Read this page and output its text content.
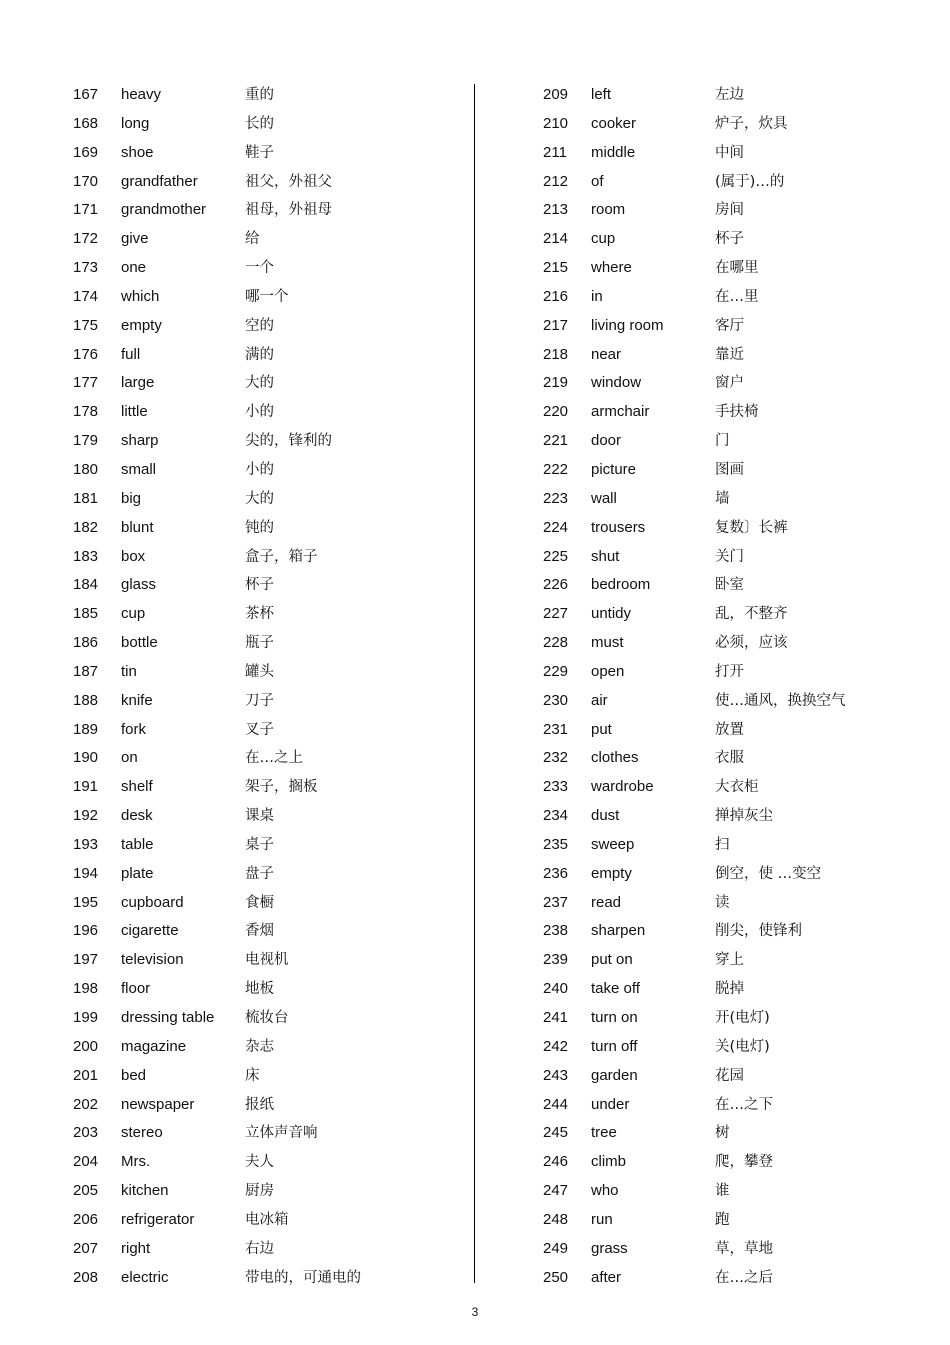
167	heavy	重的
168	long	长的
169	shoe	鞋子
170	grandfather	祖父，外祖父
171	grandmother	祖母，外祖母
172	give	给
173	one	一个
174	which	哪一个
175	empty	空的
176	full	满的
177	large	大的
178	little	小的
179	sharp	尖的，锋利的
180	small	小的
181	big	大的
182	blunt	钝的
183	box	盒子，箱子
184	glass	杯子
185	cup	茶杯
186	bottle	瓶子
187	tin	罐头
188	knife	刀子
189	fork	叉子
190	on	在…之上
191	shelf	架子，搁板
192	desk	课桌
193	table	桌子
194	plate	盘子
195	cupboard	食橱
196	cigarette	香烟
197	television	电视机
198	floor	地板
199	dressing table	梳妆台
200	magazine	杂志
201	bed	床
202	newspaper	报纸
203	stereo	立体声音响
204	Mrs.	夫人
205	kitchen	厨房
206	refrigerator	电冰箱
207	right	右边
208	electric	带电的，可通电的
209	left	左边
210	cooker	炉子，炊具
211	middle	中间
212	of	(属于)…的
213	room	房间
214	cup	杯子
215	where	在哪里
216	in	在…里
217	living room	客厅
218	near	靠近
219	window	窗户
220	armchair	手扶椅
221	door	门
222	picture	图画
223	wall	墙
224	trousers	复数〕长裤
225	shut	关门
226	bedroom	卧室
227	untidy	乱，不整齐
228	must	必须，应该
229	open	打开
230	air	使…通风，换换空气
231	put	放置
232	clothes	衣服
233	wardrobe	大衣柜
234	dust	掸掉灰尘
235	sweep	扫
236	empty	倒空，使 …变空
237	read	读
238	sharpen	削尖，使锋利
239	put on	穿上
240	take off	脱掉
241	turn on	开(电灯)
242	turn off	关(电灯)
243	garden	花园
244	under	在…之下
245	tree	树
246	climb	爬，攀登
247	who	谁
248	run	跑
249	grass	草，草地
250	after	在…之后
3
